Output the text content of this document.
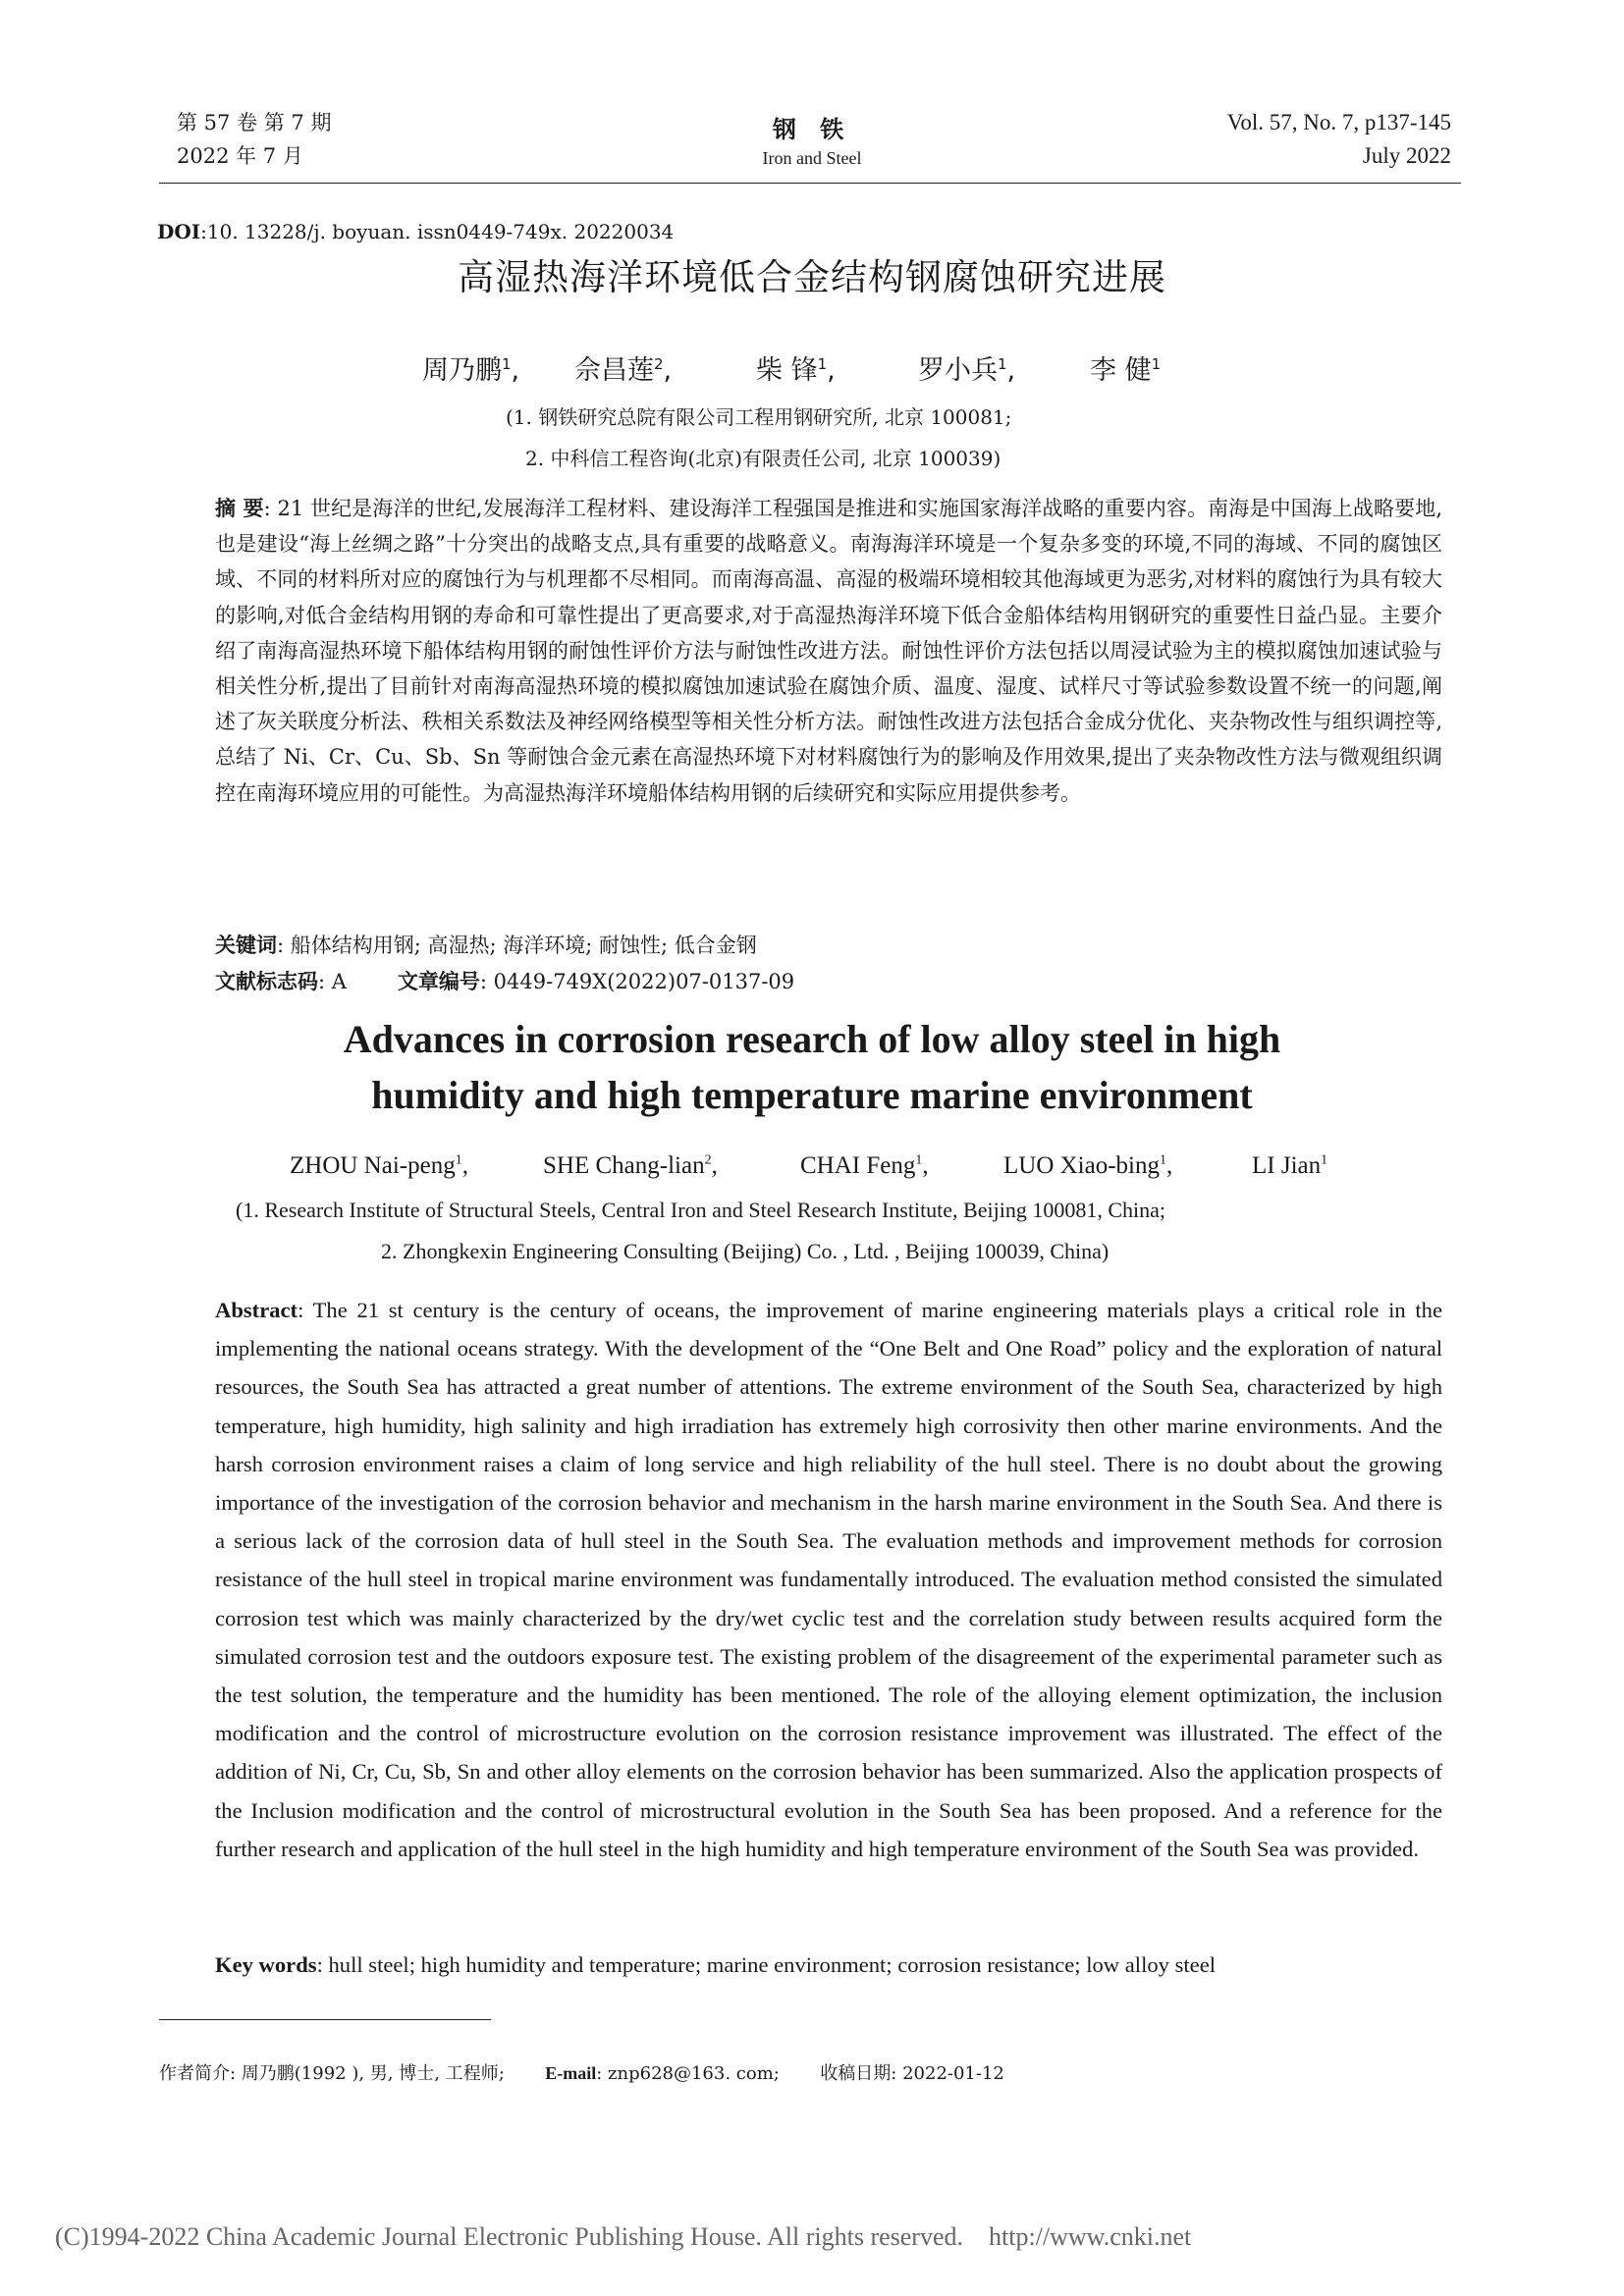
第 57 卷 第 7 期
2022 年 7 月
钢 铁
Iron and Steel
Vol. 57, No. 7, p137-145
July 2022
DOI:10. 13228/j. boyuan. issn0449-749x. 20220034
高湿热海洋环境低合金结构钢腐蚀研究进展
周乃鹏$^1$, 佘昌莲$^2$,	柴 锋$^1$,	罗小兵$^1$,	李 健$^1$
(1. 钢铁研究总院有限公司工程用钢研究所, 北京 100081;
2. 中科信工程咨询(北京)有限责任公司, 北京 100039)
摘 要: 21 世纪是海洋的世纪,发展海洋工程材料、建设海洋工程强国是推进和实施国家海洋战略的重要内容。南海是中国海上战略要地,也是建设“海上丝绸之路”十分突出的战略支点,具有重要的战略意义。南海海洋环境是一个复杂多变的环境,不同的海域、不同的腐蚀区域、不同的材料所对应的腐蚀行为与机理都不尽相同。而南海高温、高湿的极端环境相较其他海域更为恶劣,对材料的腐蚀行为具有较大的影响,对低合金结构用钢的寿命和可靠性提出了更高要求,对于高湿热海洋环境下低合金船体结构用钢研究的重要性日益凸显。主要介绍了南海高湿热环境下船体结构用钢的耐蚀性评价方法与耐蚀性改进方法。耐蚀性评价方法包括以周浸试验为主的模拟腐蚀加速试验与相关性分析,提出了目前针对南海高湿热环境的模拟腐蚀加速试验在腐蚀介质、温度、湿度、试样尺寸等试验参数设置不统一的问题,阐述了灰关联度分析法、秩相关系数法及神经网络模型等相关性分析方法。耐蚀性改进方法包括合金成分优化、夹杂物改性与组织调控等,总结了 Ni、Cr、Cu、Sb、Sn 等耐蚀合金元素在高湿热环境下对材料腐蚀行为的影响及作用效果,提出了夹杂物改性方法与微观组织调控在南海环境应用的可能性。为高湿热海洋环境船体结构用钢的后续研究和实际应用提供参考。
关键词: 船体结构用钢; 高湿热; 海洋环境; 耐蚀性; 低合金钢
文献标志码: A 文章编号: 0449-749X(2022)07-0137-09
Advances in corrosion research of low alloy steel in high
humidity and high temperature marine environment
ZHOU Nai-peng$^1$,	SHE Chang-lian$^2$,	CHAI Feng$^1$,	LUO Xiao-bing$^1$,	LI Jian$^1$
(1. Research Institute of Structural Steels, Central Iron and Steel Research Institute, Beijing 100081, China;
2. Zhongkexin Engineering Consulting (Beijing) Co. , Ltd. , Beijing 100039, China)
Abstract: The 21 st century is the century of oceans, the improvement of marine engineering materials plays a critical role in the implementing the national oceans strategy. With the development of the “One Belt and One Road” policy and the exploration of natural resources, the South Sea has attracted a great number of attentions. The extreme environment of the South Sea, characterized by high temperature, high humidity, high salinity and high irradiation has extremely high corrosivity then other marine environments. And the harsh corrosion environment raises a claim of long service and high reliability of the hull steel. There is no doubt about the growing importance of the investigation of the corrosion behavior and mechanism in the harsh marine environment in the South Sea. And there is a serious lack of the corrosion data of hull steel in the South Sea. The evaluation methods and improvement methods for corrosion resistance of the hull steel in tropical marine environment was fundamentally introduced. The evaluation method consisted the simulated corrosion test which was mainly characterized by the dry/wet cyclic test and the correlation study between results acquired form the simulated corrosion test and the outdoors exposure test. The existing problem of the disagreement of the experimental parameter such as the test solution, the temperature and the humidity has been mentioned. The role of the alloying element optimization, the inclusion modification and the control of microstructure evolution on the corrosion resistance improvement was illustrated. The effect of the addition of Ni, Cr, Cu, Sb, Sn and other alloy elements on the corrosion behavior has been summarized. Also the application prospects of the Inclusion modification and the control of microstructural evolution in the South Sea has been proposed. And a reference for the further research and application of the hull steel in the high humidity and high temperature environment of the South Sea was provided.
Key words: hull steel; high humidity and temperature; marine environment; corrosion resistance; low alloy steel
作者简介: 周乃鹏(1992 ), 男, 博士, 工程师; E-mail: znp628@163. com; 收稿日期: 2022-01-12
(C)1994-2022 China Academic Journal Electronic Publishing House. All rights reserved.    http://www.cnki.net
